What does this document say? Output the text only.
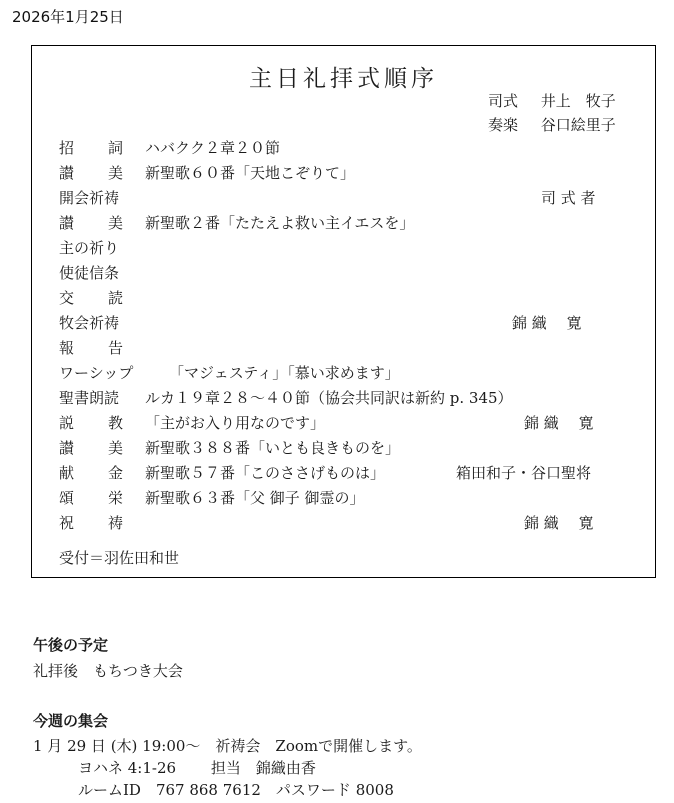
2026年1月25日
主日礼拝式順序
司式 井上　牧子
奏楽 谷口絵里子
招　詞 ハバクク２章２０節
讃　美 新聖歌６０番「天地こぞりて」
開会祈祷	司 式 者
讃　美 新聖歌２番「たたえよ救い主イエスを」
主の祈り
使徒信条
交　読
牧会祈祷	錦 織　 寛
報　告
ワーシップ 「マジェスティ」「慕い求めます」
聖書朗読 ルカ１９章２８～４０節（協会共同訳は新約 p. 345）
説　教 「主がお入り用なのです」	錦 織　 寛
讃　美 新聖歌３８８番「いとも良きものを」
献　金 新聖歌５７番「このささげものは」	箱田和子・谷口聖将
頌　栄 新聖歌６３番「父 御子 御霊の」
祝　祷	錦 織　 寛
受付＝羽佐田和世
午後の予定
礼拝後　もちつき大会
今週の集会
1 月 29 日 (木) 19:00～　祈祷会　Zoomで開催します。
ヨハネ 4:1-26　　 担当　錦織由香
ルームID　767 868 7612　パスワード 8008
